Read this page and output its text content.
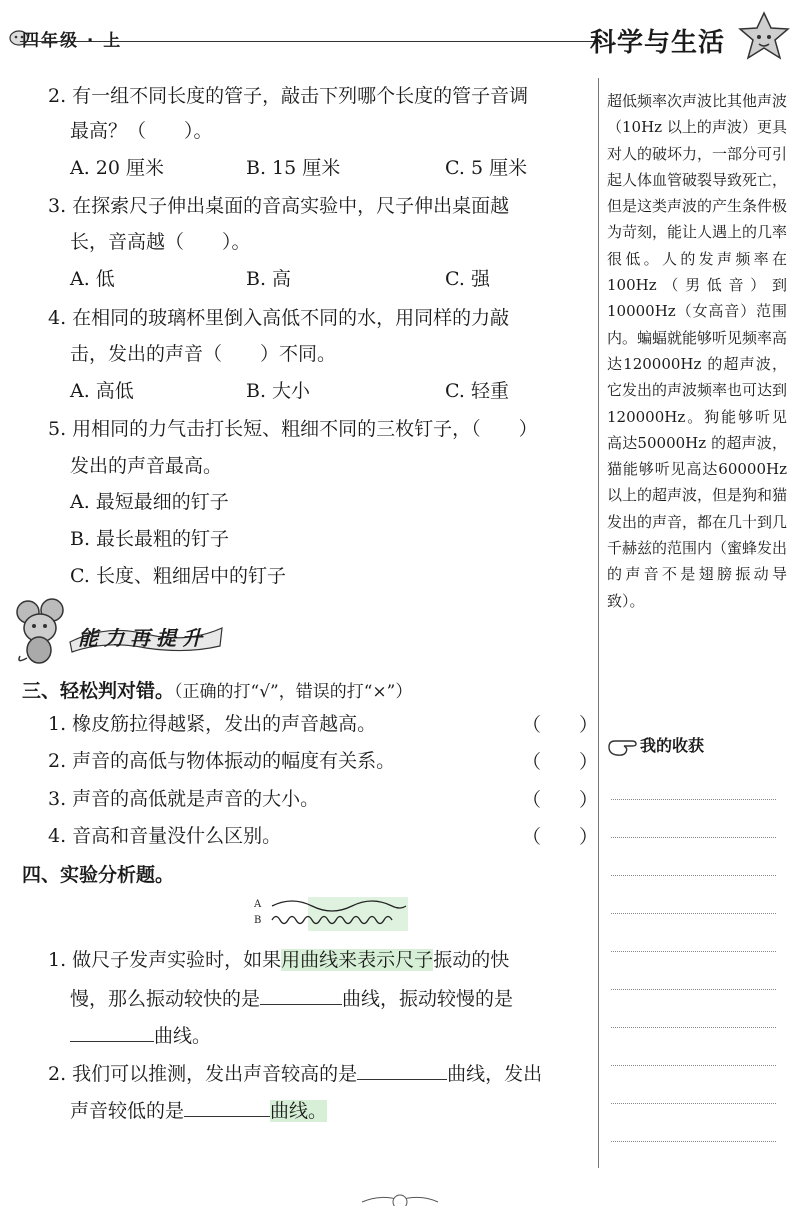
四年级 · 上	科学与生活
超低频率次声波比其他声波（10Hz 以上的声波）更具对人的破坏力，一部分可引起人体血管破裂导致死亡，但是这类声波的产生条件极为苛刻，能让人遇上的几率很低。人的发声频率在100Hz（男低音）到10000Hz（女高音）范围内。蝙蝠就能够听见频率高达120000Hz 的超声波，它发出的声波频率也可达到 120000Hz。狗能够听见高达50000Hz 的超声波，猫能够听见高达60000Hz 以上的超声波，但是狗和猫发出的声音，都在几十到几千赫兹的范围内（蜜蜂发出的声音不是翅膀振动导致）。
我的收获
2. 有一组不同长度的管子，敲击下列哪个长度的管子音调
最高？（　　）。
A. 20 厘米	B. 15 厘米	C. 5 厘米
3. 在探索尺子伸出桌面的音高实验中，尺子伸出桌面越
长，音高越（　　）。
A. 低	B. 高	C. 强
4. 在相同的玻璃杯里倒入高低不同的水，用同样的力敲
击，发出的声音（　　）不同。
A. 高低	B. 大小	C. 轻重
5. 用相同的力气击打长短、粗细不同的三枚钉子，（　　）
发出的声音最高。
A. 最短最细的钉子
B. 最长最粗的钉子
C. 长度、粗细居中的钉子
能力再提升
三、轻松判对错。（正确的打“√”，错误的打“×”）
1. 橡皮筋拉得越紧，发出的声音越高。	（　　）
2. 声音的高低与物体振动的幅度有关系。	（　　）
3. 声音的高低就是声音的大小。	（　　）
4. 音高和音量没什么区别。	（　　）
四、实验分析题。
A
B
1. 做尺子发声实验时，如果用曲线来表示尺子振动的快
慢，那么振动较快的是	曲线，振动较慢的是
曲线。
2. 我们可以推测，发出声音较高的是	曲线，发出
声音较低的是	曲线。
